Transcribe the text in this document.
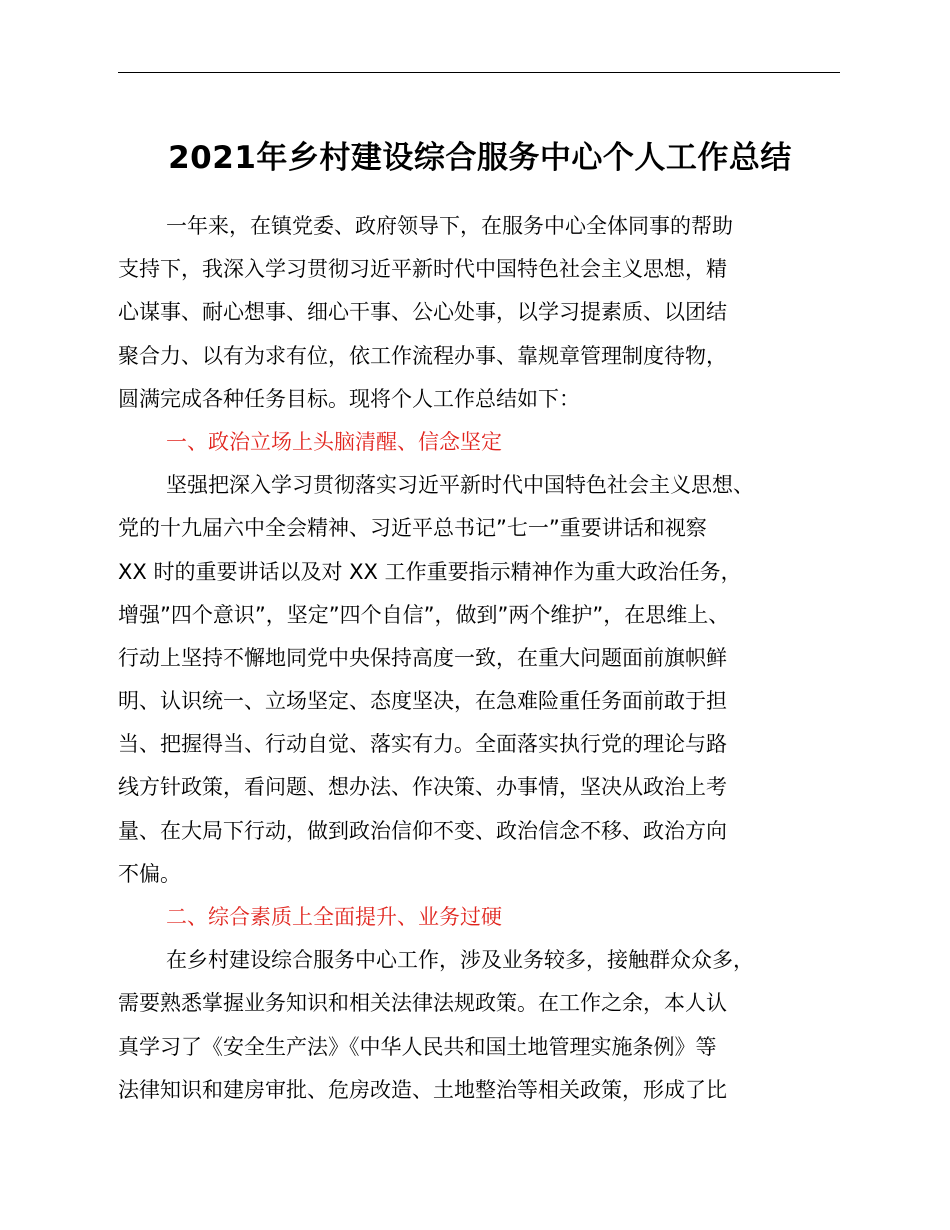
2021年乡村建设综合服务中心个人工作总结
一年来，在镇党委、政府领导下，在服务中心全体同事的帮助
支持下，我深入学习贯彻习近平新时代中国特色社会主义思想，精
心谋事、耐心想事、细心干事、公心处事，以学习提素质、以团结
聚合力、以有为求有位，依工作流程办事、靠规章管理制度待物，
圆满完成各种任务目标。现将个人工作总结如下：
一、政治立场上头脑清醒、信念坚定
坚强把深入学习贯彻落实习近平新时代中国特色社会主义思想、
党的十九届六中全会精神、习近平总书记”七一”重要讲话和视察
XX 时的重要讲话以及对 XX 工作重要指示精神作为重大政治任务，
增强”四个意识”，坚定”四个自信”，做到”两个维护”，在思维上、
行动上坚持不懈地同党中央保持高度一致，在重大问题面前旗帜鲜
明、认识统一、立场坚定、态度坚决，在急难险重任务面前敢于担
当、把握得当、行动自觉、落实有力。全面落实执行党的理论与路
线方针政策，看问题、想办法、作决策、办事情，坚决从政治上考
量、在大局下行动，做到政治信仰不变、政治信念不移、政治方向
不偏。
二、综合素质上全面提升、业务过硬
在乡村建设综合服务中心工作，涉及业务较多，接触群众众多，
需要熟悉掌握业务知识和相关法律法规政策。在工作之余，本人认
真学习了《安全生产法》《中华人民共和国土地管理实施条例》等
法律知识和建房审批、危房改造、土地整治等相关政策，形成了比
